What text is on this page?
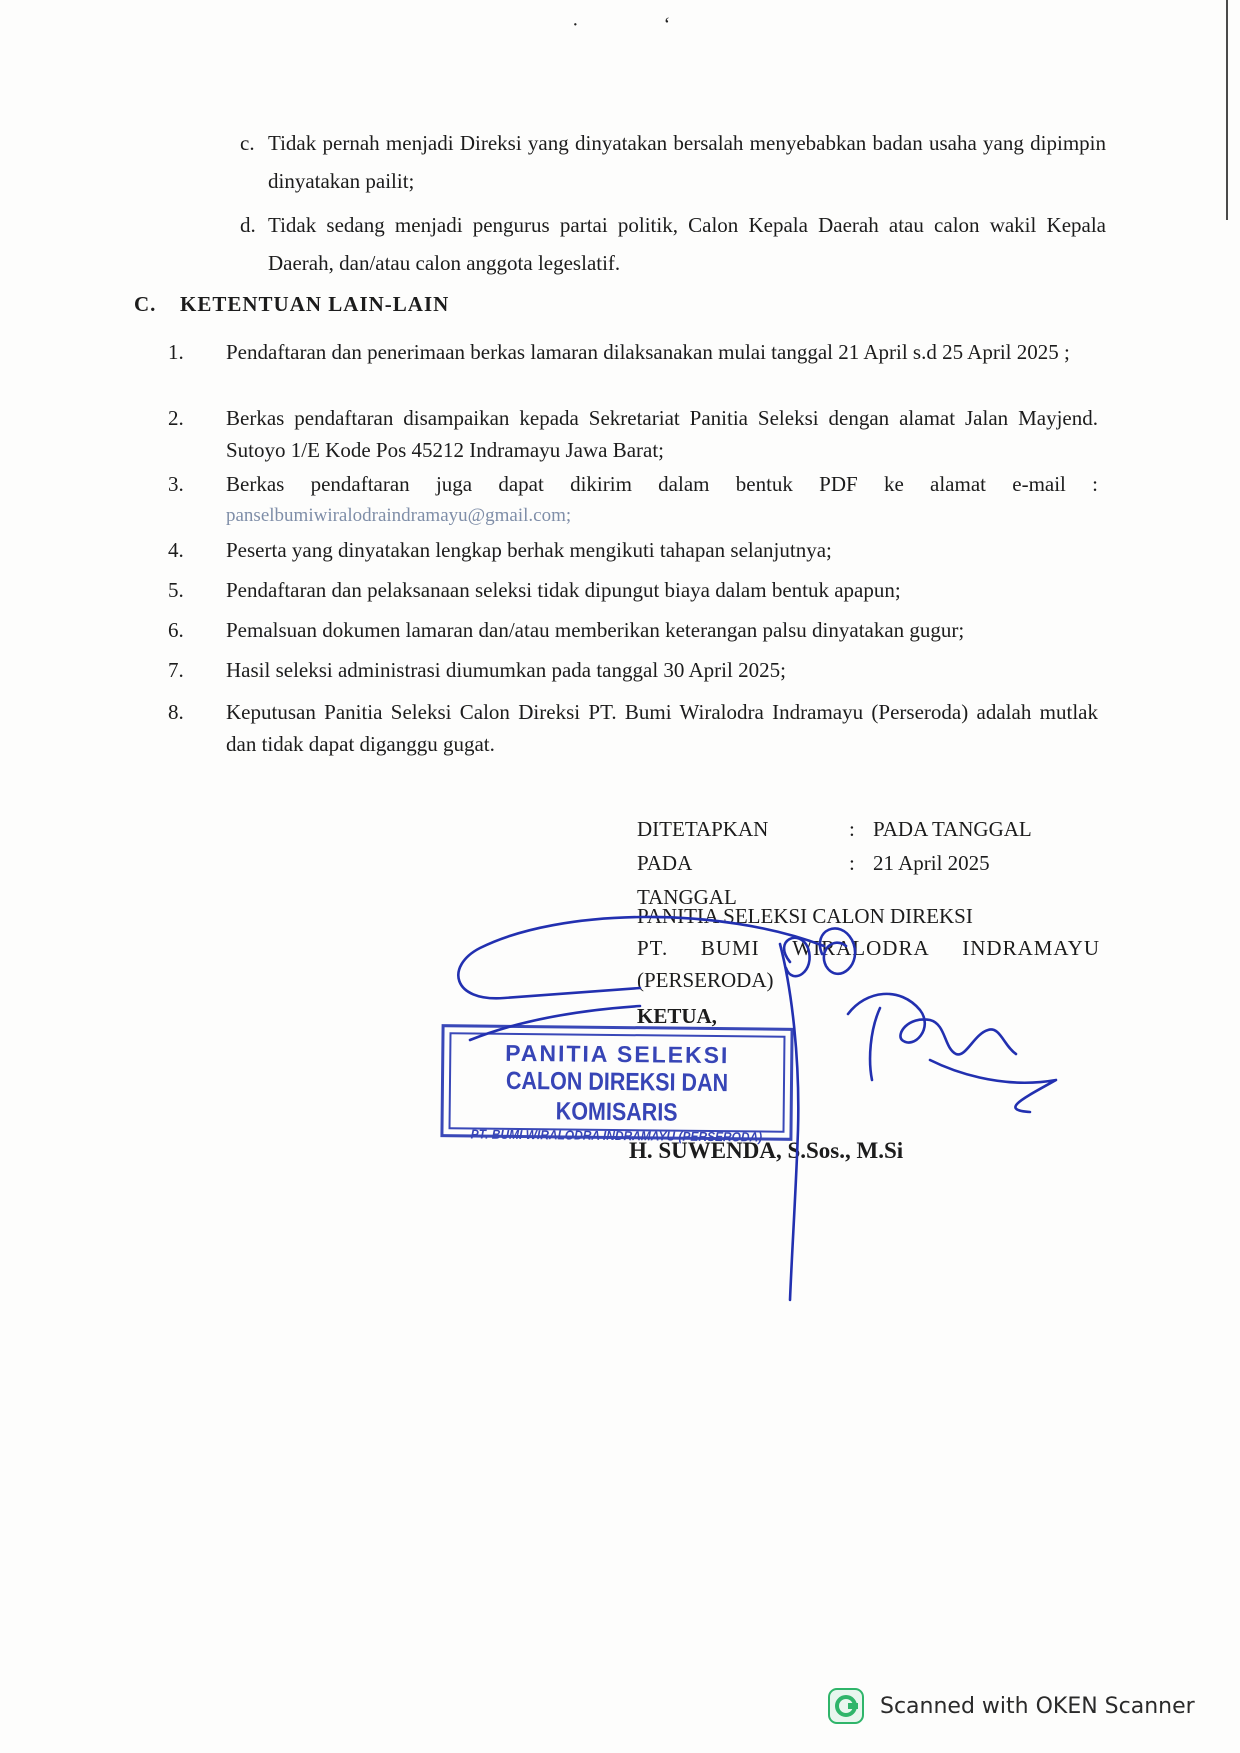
· ‘
c. Tidak pernah menjadi Direksi yang dinyatakan bersalah menyebabkan badan usaha yang dipimpin dinyatakan pailit;
d. Tidak sedang menjadi pengurus partai politik, Calon Kepala Daerah atau calon wakil Kepala Daerah, dan/atau calon anggota legeslatif.
C. KETENTUAN LAIN-LAIN
1. Pendaftaran dan penerimaan berkas lamaran dilaksanakan mulai tanggal 21 April s.d 25 April 2025 ;
2. Berkas pendaftaran disampaikan kepada Sekretariat Panitia Seleksi dengan alamat Jalan Mayjend. Sutoyo 1/E Kode Pos 45212 Indramayu Jawa Barat;
3. Berkas pendaftaran juga dapat dikirim dalam bentuk PDF ke alamat e-mail :
panselbumiwiralodraindramayu@gmail.com;
4. Peserta yang dinyatakan lengkap berhak mengikuti tahapan selanjutnya;
5. Pendaftaran dan pelaksanaan seleksi tidak dipungut biaya dalam bentuk apapun;
6. Pemalsuan dokumen lamaran dan/atau memberikan keterangan palsu dinyatakan gugur;
7. Hasil seleksi administrasi diumumkan pada tanggal 30 April 2025;
8. Keputusan Panitia Seleksi Calon Direksi PT. Bumi Wiralodra Indramayu (Perseroda) adalah mutlak dan tidak dapat diganggu gugat.
DITETAPKAN	: PADA TANGGAL
PADA TANGGAL
: 21 April 2025
PANITIA SELEKSI CALON DIREKSI
PT. BUMI WIRALODRA INDRAMAYU
(PERSERODA)
KETUA,
PANITIA SELEKSI
CALON DIREKSI DAN KOMISARIS
PT. BUMI WIRALODRA INDRAMAYU (PERSERODA)
H. SUWENDA, S.Sos., M.Si
Scanned with OKEN Scanner
